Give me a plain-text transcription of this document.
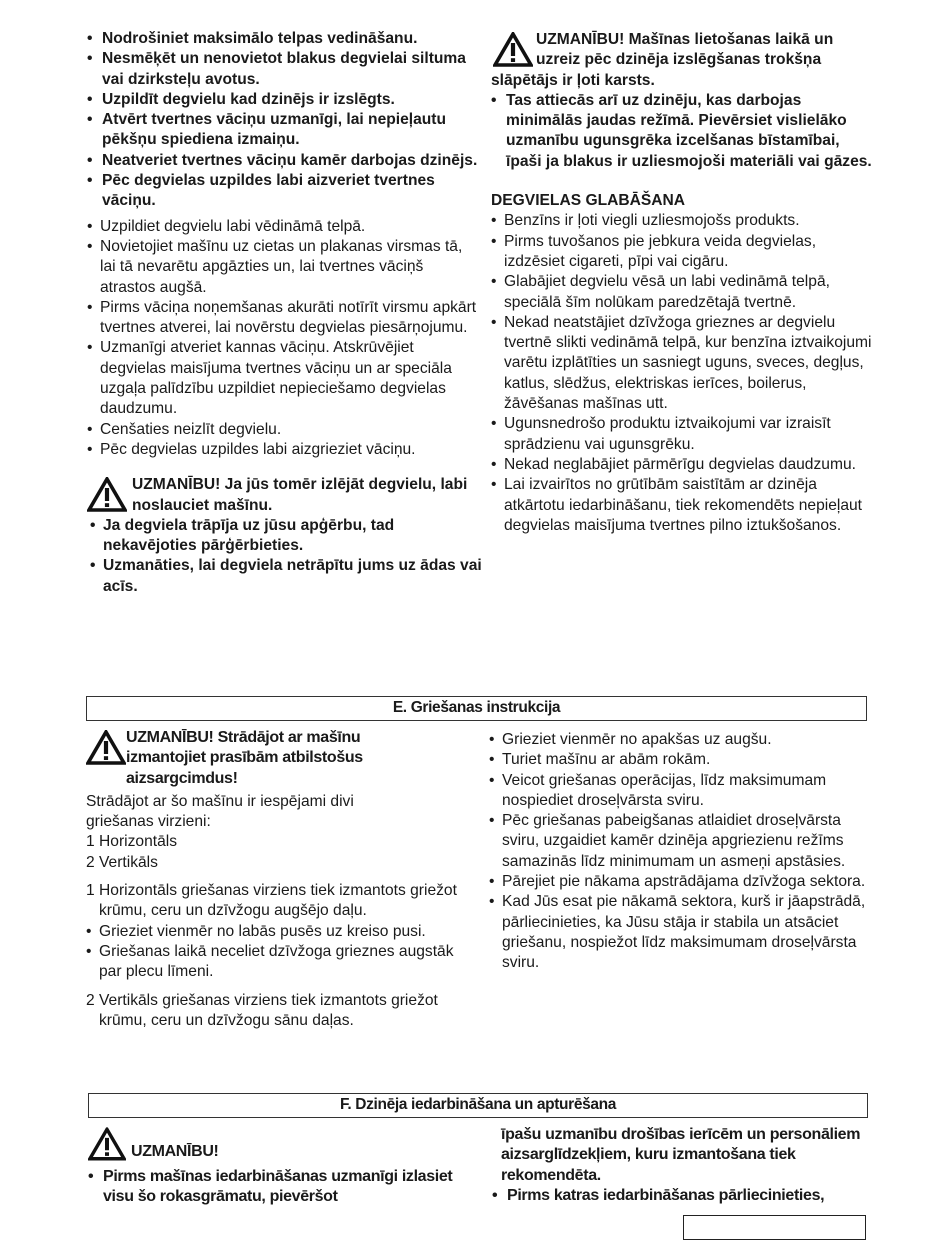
• Nodrošiniet maksimālo telpas vedināšanu.
• Nesmēķēt un nenovietot blakus degvielai siltuma vai dzirksteļu avotus.
• Uzpildīt degvielu kad dzinējs ir izslēgts.
• Atvērt tvertnes vāciņu uzmanīgi, lai nepieļautu pēkšņu spiediena izmaiņu.
• Neatveriet tvertnes vāciņu kamēr darbojas dzinējs.
• Pēc degvielas uzpildes labi aizveriet tvertnes vāciņu.
• Uzpildiet degvielu labi vēdināmā telpā.
• Novietojiet mašīnu uz cietas un plakanas virsmas tā, lai tā nevarētu apgāzties un, lai tvertnes vāciņš atrastos augšā.
• Pirms vāciņa noņemšanas akurāti notīrīt virsmu apkārt tvertnes atverei, lai novērstu degvielas piesārņojumu.
• Uzmanīgi atveriet kannas vāciņu. Atskrūvējiet degvielas maisījuma tvertnes vāciņu un ar speciāla uzgaļa palīdzību uzpildiet nepieciešamo degvielas daudzumu.
• Cenšaties neizlīt degvielu.
• Pēc degvielas uzpildes labi aizgrieziet vāciņu.
UZMANĪBU! Ja jūs tomēr izlējāt degvielu, labi noslauciet mašīnu.
• Ja degviela trāpīja uz jūsu apģērbu, tad nekavējoties pārģērbieties.
• Uzmanāties, lai degviela netrāpītu jums uz ādas vai acīs.
UZMANĪBU! Mašīnas lietošanas laikā un
uzreiz pēc dzinēja izslēgšanas trokšņa
slāpētājs ir ļoti karsts.
• Tas attiecās arī uz dzinēju, kas darbojas minimālās jaudas režīmā. Pievērsiet vislielāko uzmanību ugunsgrēka izcelšanas bīstamībai, īpaši ja blakus ir uzliesmojoši materiāli vai gāzes.
DEGVIELAS GLABĀŠANA
• Benzīns ir ļoti viegli uzliesmojošs produkts.
• Pirms tuvošanos pie jebkura veida degvielas, izdzēsiet cigareti, pīpi vai cigāru.
• Glabājiet degvielu vēsā un labi vedināmā telpā, speciālā šīm nolūkam paredzētajā tvertnē.
• Nekad neatstājiet dzīvžoga grieznes ar degvielu tvertnē slikti vedināmā telpā, kur benzīna iztvaikojumi varētu izplātīties un sasniegt uguns, sveces, degļus, katlus, slēdžus, elektriskas ierīces, boilerus, žāvēšanas mašīnas utt.
• Ugunsnedrošo produktu iztvaikojumi var izraisīt sprādzienu vai ugunsgrēku.
• Nekad neglabājiet pārmērīgu degvielas daudzumu.
• Lai izvairītos no grūtībām saistītām ar dzinēja atkārtotu iedarbināšanu, tiek rekomendēts nepieļaut degvielas maisījuma tvertnes pilno iztukšošanos.
E. Griešanas instrukcija
UZMANĪBU! Strādājot ar mašīnu
izmantojiet prasībām atbilstošus
aizsargcimdus!
Strādājot ar šo mašīnu ir iespējami divi
griešanas virzieni:
1 Horizontāls
2 Vertikāls
1 Horizontāls griešanas virziens tiek izmantots griežot krūmu, ceru un dzīvžogu augšējo daļu.
• Grieziet vienmēr no labās pusēs uz kreiso pusi.
• Griešanas laikā neceliet dzīvžoga grieznes augstāk par plecu līmeni.
2 Vertikāls griešanas virziens tiek izmantots griežot krūmu, ceru un dzīvžogu sānu daļas.
• Grieziet vienmēr no apakšas uz augšu.
• Turiet mašīnu ar abām rokām.
• Veicot griešanas operācijas, līdz maksimumam nospiediet droseļvārsta sviru.
• Pēc griešanas pabeigšanas atlaidiet droseļvārsta sviru, uzgaidiet kamēr dzinēja apgriezienu režīms samazinās līdz minimumam un asmeņi apstāsies.
• Pārejiet pie nākama apstrādājama dzīvžoga sektora.
• Kad Jūs esat pie nākamā sektora, kurš ir jāapstrādā, pārliecinieties, ka Jūsu stāja ir stabila un atsāciet griešanu, nospiežot līdz maksimumam droseļvārsta sviru.
F. Dzinēja iedarbināšana un apturēšana
UZMANĪBU!
• Pirms mašīnas iedarbināšanas uzmanīgi izlasiet visu šo rokasgrāmatu, pievēršot
īpašu uzmanību drošības ierīcēm un personāliem aizsarglīdzekļiem, kuru izmantošana tiek rekomendēta.
• Pirms katras iedarbināšanas pārliecinieties,
